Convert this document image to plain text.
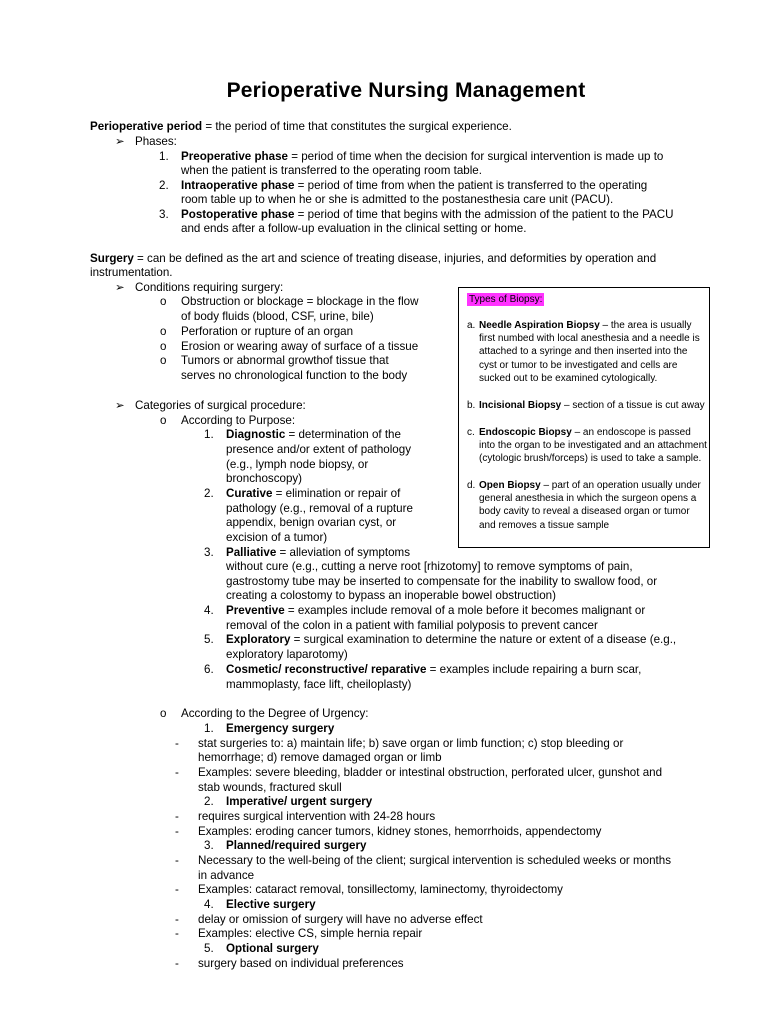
Perioperative Nursing Management
Perioperative period = the period of time that constitutes the surgical experience.
➢ Phases:
1. Preoperative phase = period of time when the decision for surgical intervention is made up to
when the patient is transferred to the operating room table.
2. Intraoperative phase = period of time from when the patient is transferred to the operating
room table up to when he or she is admitted to the postanesthesia care unit (PACU).
3. Postoperative phase = period of time that begins with the admission of the patient to the PACU
and ends after a follow-up evaluation in the clinical setting or home.
Surgery = can be defined as the art and science of treating disease, injuries, and deformities by operation and
instrumentation.
➢ Conditions requiring surgery:
o Obstruction or blockage = blockage in the flow
of body fluids (blood, CSF, urine, bile)
o Perforation or rupture of an organ
o Erosion or wearing away of surface of a tissue
o Tumors or abnormal growthof tissue that
serves no chronological function to the body
Types of Biopsy:
a. Needle Aspiration Biopsy – the area is usually first numbed with local anesthesia and a needle is attached to a syringe and then inserted into the cyst or tumor to be investigated and cells are sucked out to be examined cytologically.
b. Incisional Biopsy – section of a tissue is cut away
c. Endoscopic Biopsy – an endoscope is passed into the organ to be investigated and an attachment (cytologic brush/forceps) is used to take a sample.
d. Open Biopsy – part of an operation usually under general anesthesia in which the surgeon opens a body cavity to reveal a diseased organ or tumor and removes a tissue sample
➢ Categories of surgical procedure:
o According to Purpose:
1. Diagnostic = determination of the
presence and/or extent of pathology
(e.g., lymph node biopsy, or
bronchoscopy)
2. Curative = elimination or repair of
pathology (e.g., removal of a rupture
appendix, benign ovarian cyst, or
excision of a tumor)
3. Palliative = alleviation of symptoms
without cure (e.g., cutting a nerve root [rhizotomy] to remove symptoms of pain,
gastrostomy tube may be inserted to compensate for the inability to swallow food, or
creating a colostomy to bypass an inoperable bowel obstruction)
4. Preventive = examples include removal of a mole before it becomes malignant or
removal of the colon in a patient with familial polyposis to prevent cancer
5. Exploratory = surgical examination to determine the nature or extent of a disease (e.g.,
exploratory laparotomy)
6. Cosmetic/ reconstructive/ reparative = examples include repairing a burn scar,
mammoplasty, face lift, cheiloplasty)
o According to the Degree of Urgency:
1. Emergency surgery
- stat surgeries to: a) maintain life; b) save organ or limb function; c) stop bleeding or
hemorrhage; d) remove damaged organ or limb
- Examples: severe bleeding, bladder or intestinal obstruction, perforated ulcer, gunshot and
stab wounds, fractured skull
2. Imperative/ urgent surgery
- requires surgical intervention with 24-28 hours
- Examples: eroding cancer tumors, kidney stones, hemorrhoids, appendectomy
3. Planned/required surgery
- Necessary to the well-being of the client; surgical intervention is scheduled weeks or months
in advance
- Examples: cataract removal, tonsillectomy, laminectomy, thyroidectomy
4. Elective surgery
- delay or omission of surgery will have no adverse effect
- Examples: elective CS, simple hernia repair
5. Optional surgery
- surgery based on individual preferences
